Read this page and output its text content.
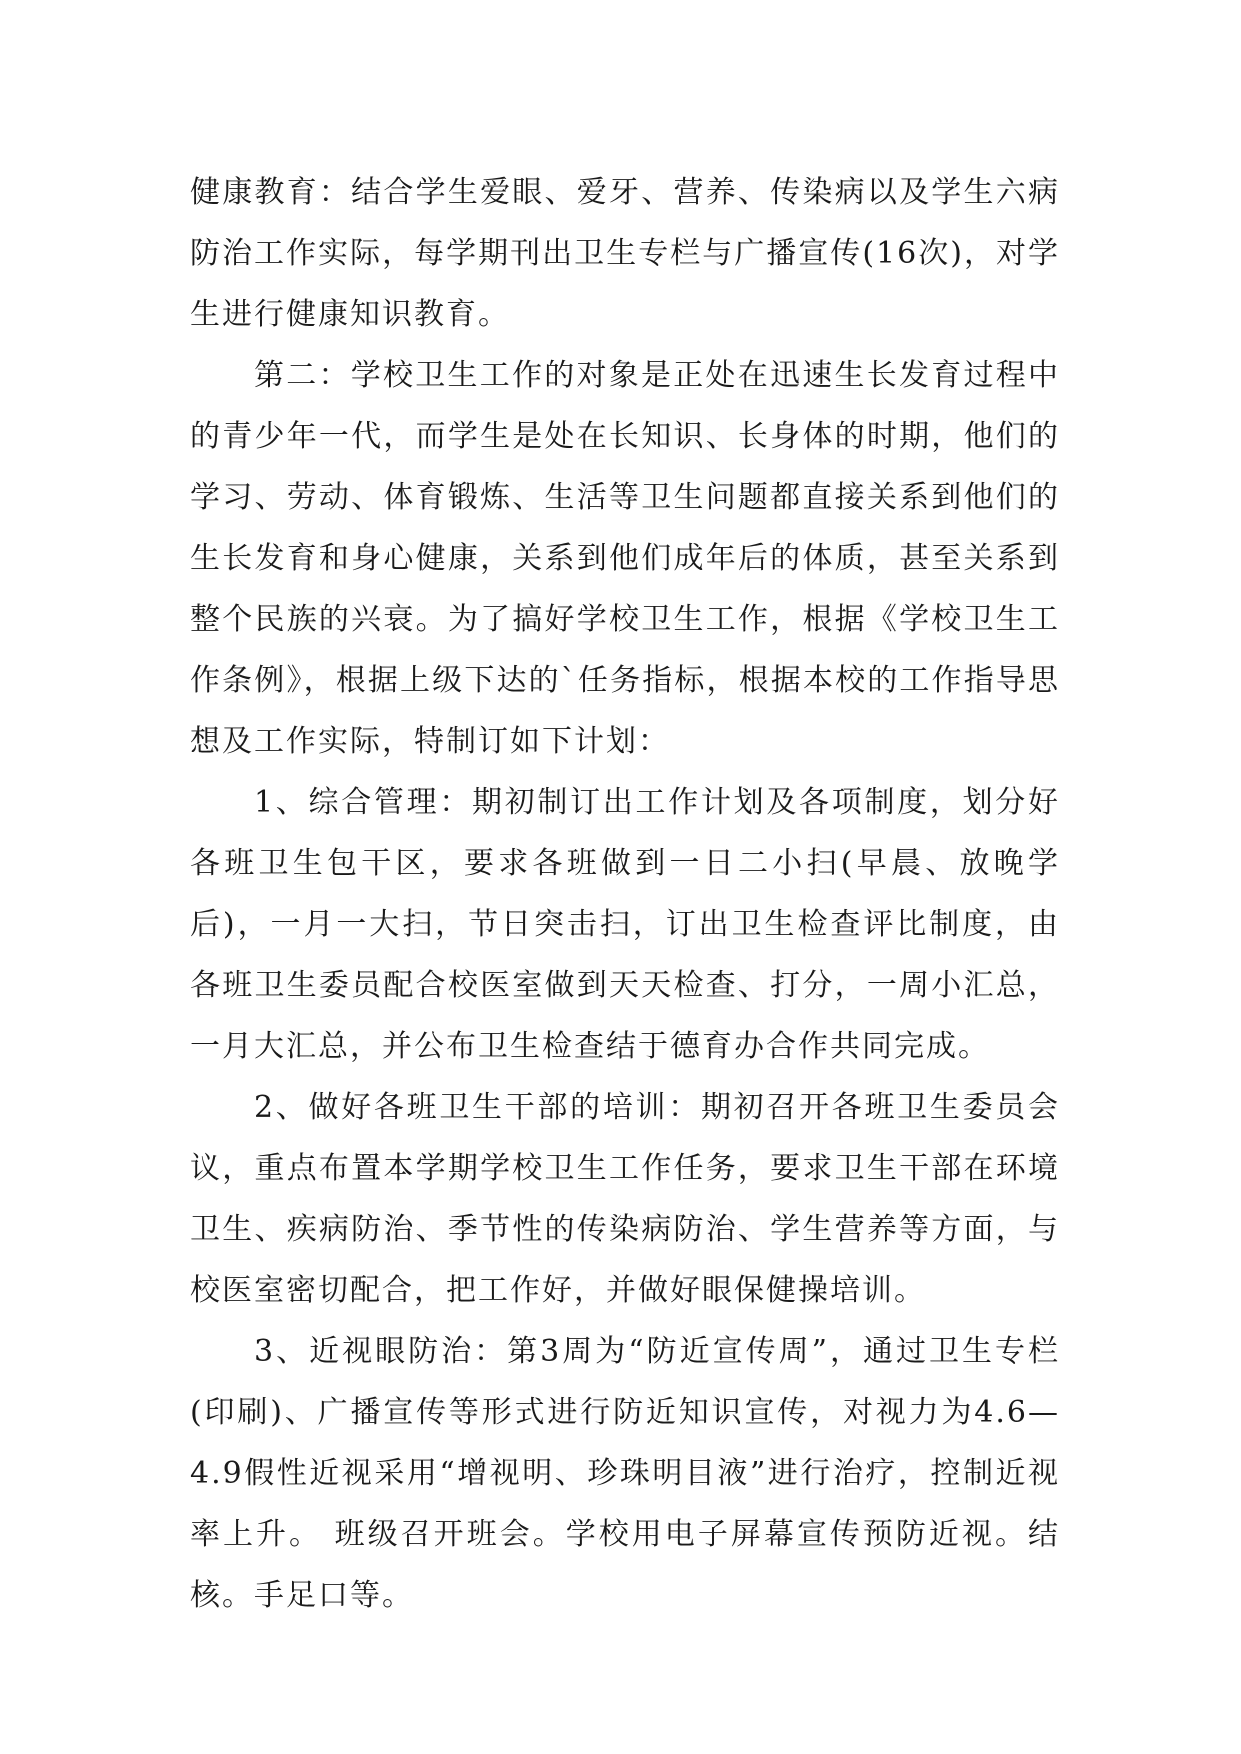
健康教育：结合学生爱眼、爱牙、营养、传染病以及学生六病防治工作实际，每学期刊出卫生专栏与广播宣传(16次)，对学生进行健康知识教育。

第二：学校卫生工作的对象是正处在迅速生长发育过程中的青少年一代，而学生是处在长知识、长身体的时期，他们的学习、劳动、体育锻炼、生活等卫生问题都直接关系到他们的生长发育和身心健康，关系到他们成年后的体质，甚至关系到整个民族的兴衰。为了搞好学校卫生工作，根据《学校卫生工作条例》，根据上级下达的`任务指标，根据本校的工作指导思想及工作实际，特制订如下计划：

1、综合管理：期初制订出工作计划及各项制度，划分好各班卫生包干区，要求各班做到一日二小扫(早晨、放晚学后)，一月一大扫，节日突击扫，订出卫生检查评比制度，由各班卫生委员配合校医室做到天天检查、打分，一周小汇总，一月大汇总，并公布卫生检查结于德育办合作共同完成。

2、做好各班卫生干部的培训：期初召开各班卫生委员会议，重点布置本学期学校卫生工作任务，要求卫生干部在环境卫生、疾病防治、季节性的传染病防治、学生营养等方面，与校医室密切配合，把工作好，并做好眼保健操培训。

3、近视眼防治：第3周为“防近宣传周”，通过卫生专栏(印刷)、广播宣传等形式进行防近知识宣传，对视力为4.6—4.9假性近视采用“增视明、珍珠明目液”进行治疗，控制近视率上升。 班级召开班会。学校用电子屏幕宣传预防近视。结核。手足口等。
